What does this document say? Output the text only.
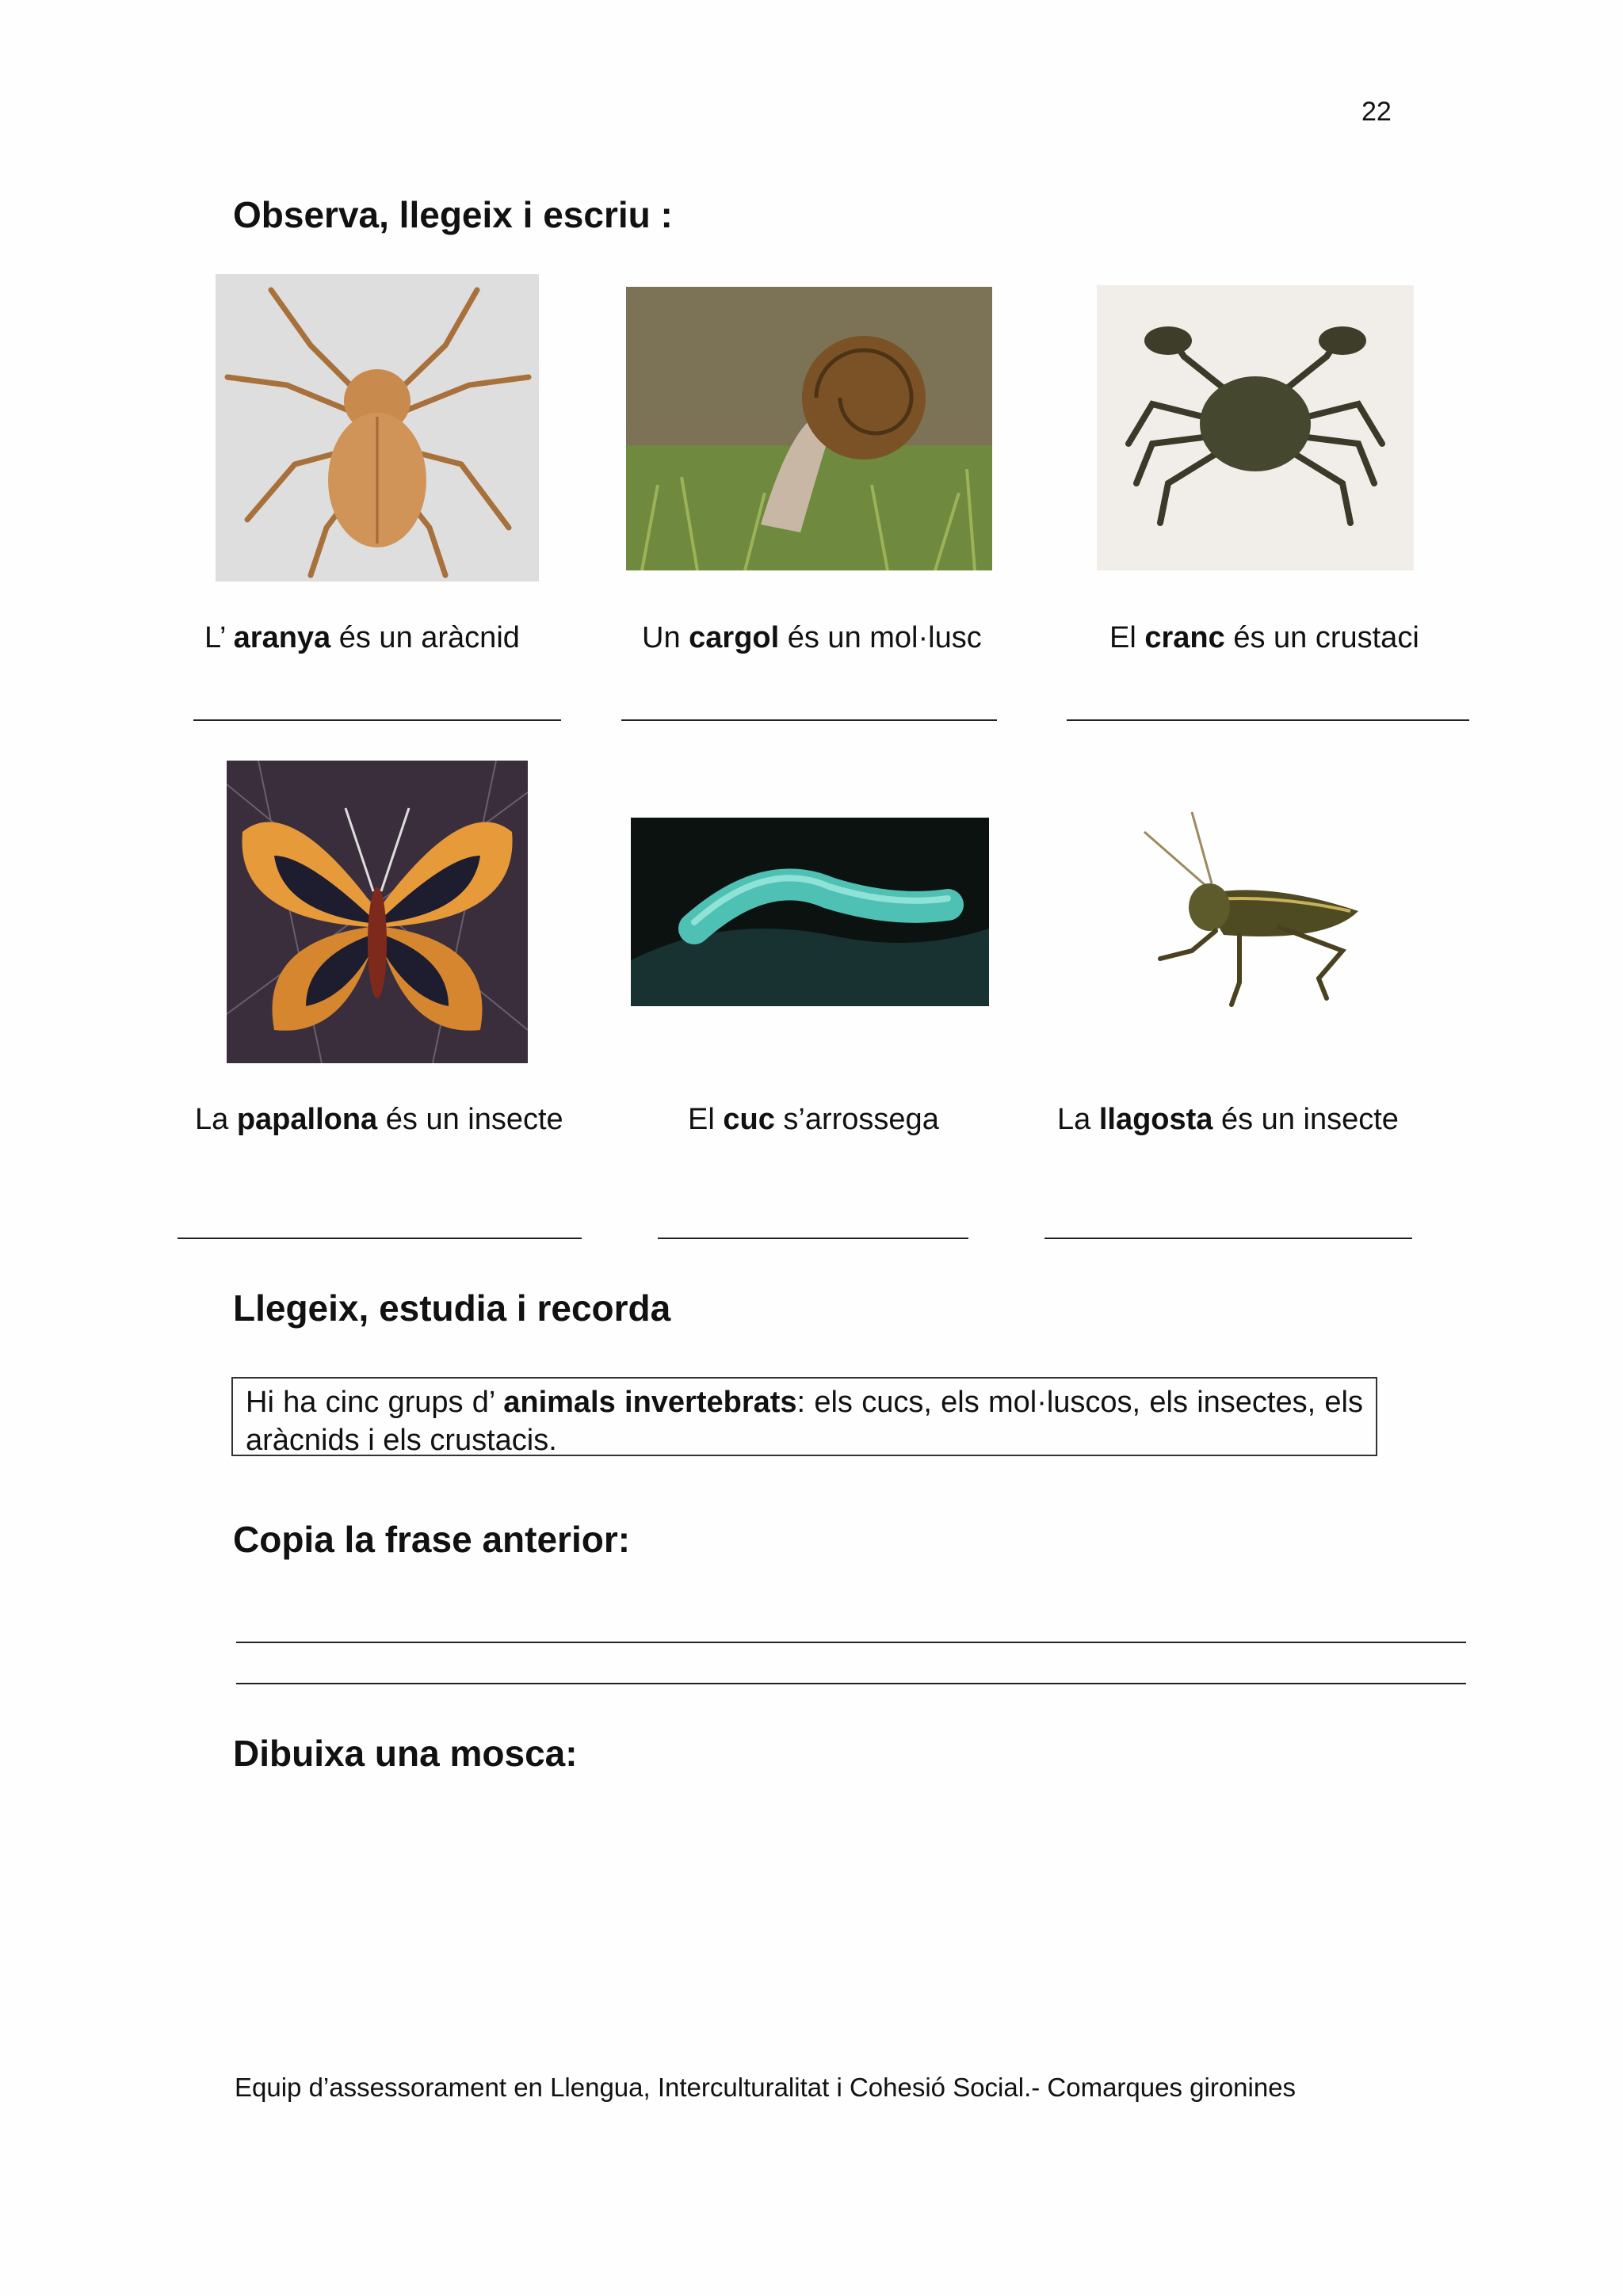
22
Observa, llegeix i escriu :
L’ aranya és un aràcnid	Un cargol és un mol·lusc	El cranc és un crustaci
La papallona és un insecte	El cuc s’arrossega	La llagosta és un insecte
Llegeix, estudia i recorda
Hi ha cinc grups d’ animals invertebrats: els cucs, els mol·luscos, els insectes, els aràcnids i els crustacis.
Copia la frase anterior:
Dibuixa una mosca:
Equip d’assessorament en Llengua, Interculturalitat i Cohesió Social.- Comarques gironines
